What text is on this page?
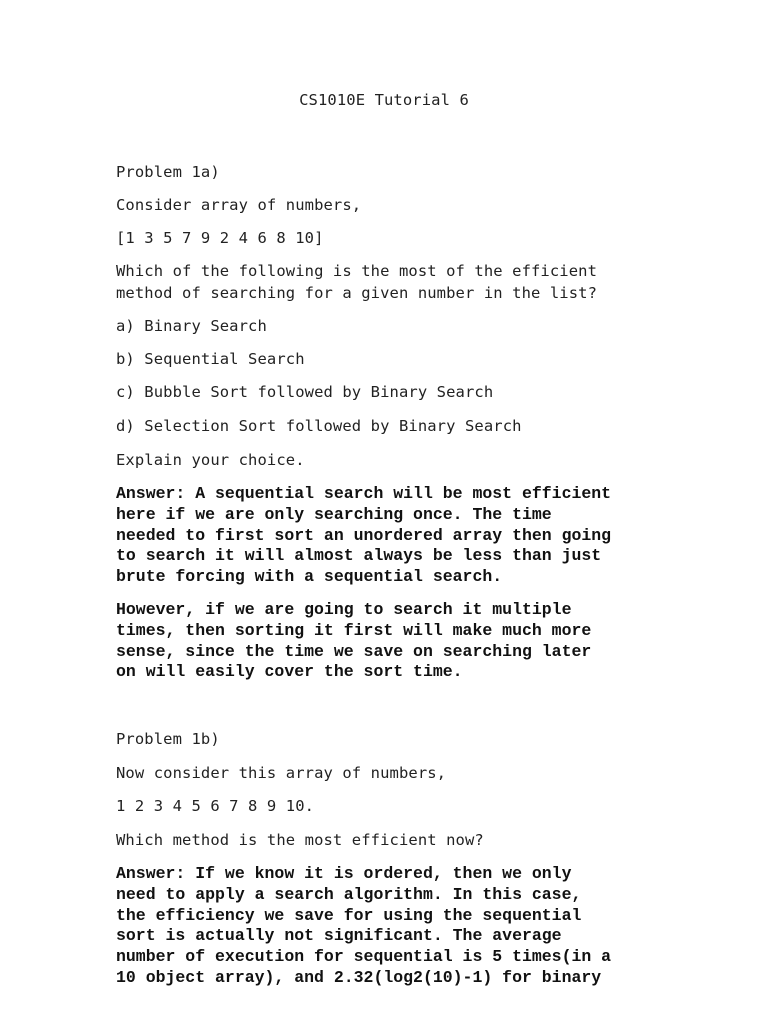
CS1010E Tutorial 6
Problem 1a)
Consider array of numbers,
[1 3 5 7 9 2 4 6 8 10]
Which of the following is the most of the efficient
method of searching for a given number in the list?
a) Binary Search
b) Sequential Search
c) Bubble Sort followed by Binary Search
d) Selection Sort followed by Binary Search
Explain your choice.
Answer: A sequential search will be most efficient
here if we are only searching once. The time
needed to first sort an unordered array then going
to search it will almost always be less than just
brute forcing with a sequential search.
However, if we are going to search it multiple
times, then sorting it first will make much more
sense, since the time we save on searching later
on will easily cover the sort time.
Problem 1b)
Now consider this array of numbers,
1 2 3 4 5 6 7 8 9 10.
Which method is the most efficient now?
Answer: If we know it is ordered, then we only
need to apply a search algorithm. In this case,
the efficiency we save for using the sequential
sort is actually not significant. The average
number of execution for sequential is 5 times(in a
10 object array), and 2.32(log2(10)-1) for binary
